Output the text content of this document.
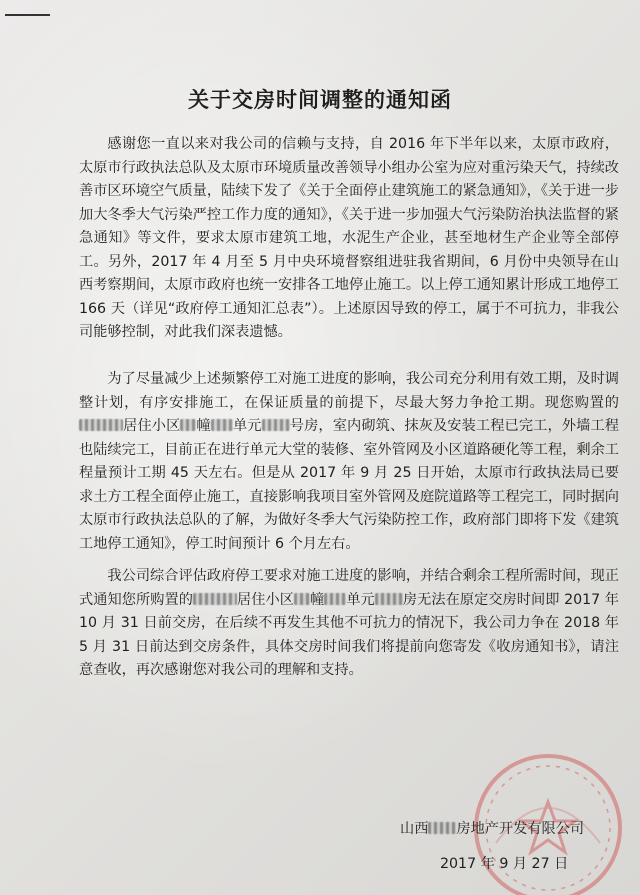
关于交房时间调整的通知函
感谢您一直以来对我公司的信赖与支持，自 2016 年下半年以来，太原市政府，太原市行政执法总队及太原市环境质量改善领导小组办公室为应对重污染天气，持续改善市区环境空气质量，陆续下发了《关于全面停止建筑施工的紧急通知》，《关于进一步加大冬季大气污染严控工作力度的通知》，《关于进一步加强大气污染防治执法监督的紧急通知》等文件，要求太原市建筑工地，水泥生产企业，甚至地材生产企业等全部停工。另外，2017 年 4 月至 5 月中央环境督察组进驻我省期间，6 月份中央领导在山西考察期间，太原市政府也统一安排各工地停止施工。以上停工通知累计形成工地停工 166 天（详见“政府停工通知汇总表”）。上述原因导致的停工，属于不可抗力，非我公司能够控制，对此我们深表遗憾。
为了尽量减少上述频繁停工对施工进度的影响，我公司充分利用有效工期，及时调整计划，有序安排施工，在保证质量的前提下，尽最大努力争抢工期。现您购置的居住小区 幢 单元 号房，室内砌筑、抹灰及安装工程已完工，外墙工程也陆续完工，目前正在进行单元大堂的装修、室外管网及小区道路硬化等工程，剩余工程量预计工期 45 天左右。但是从 2017 年 9 月 25 日开始，太原市行政执法局已要求土方工程全面停止施工，直接影响我项目室外管网及庭院道路等工程完工，同时据向太原市行政执法总队的了解，为做好冬季大气污染防控工作，政府部门即将下发《建筑工地停工通知》，停工时间预计 6 个月左右。
我公司综合评估政府停工要求对施工进度的影响，并结合剩余工程所需时间，现正式通知您所购置的	居住小区 幢 单元 房无法在原定交房时间即 2017 年 10 月 31 日前交房，在后续不再发生其他不可抗力的情况下，我公司力争在 2018 年 5 月 31 日前达到交房条件，具体交房时间我们将提前向您寄发《收房通知书》，请注意查收，再次感谢您对我公司的理解和支持。
山西 房地产开发有限公司
2017 年 9 月 27 日
